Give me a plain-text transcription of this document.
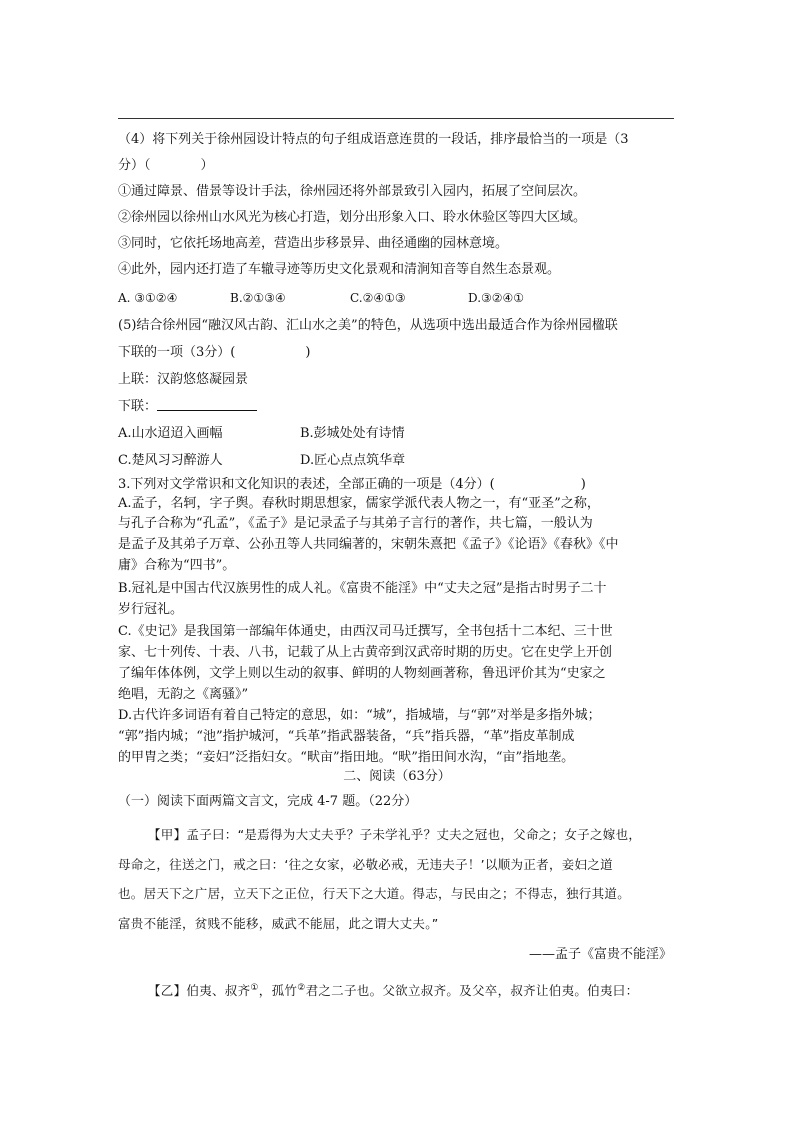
（4）将下列关于徐州园设计特点的句子组成语意连贯的一段话，排序最恰当的一项是（3
分）（	）
①通过障景、借景等设计手法，徐州园还将外部景致引入园内，拓展了空间层次。
②徐州园以徐州山水风光为核心打造，划分出形象入口、聆水休验区等四大区域。
③同时，它依托场地高差，营造出步移景异、曲径通幽的园林意境。
④此外，园内还打造了车辙寻迹等历史文化景观和清涧知音等自然生态景观。
A. ③①②④	B.②①③④	C.②④①③	D.③②④①
(5)结合徐州园“融汉风古韵、汇山水之美”的特色，从选项中选出最适合作为徐州园楹联
下联的一项（3分）(	)
上联：汉韵悠悠凝园景
下联：
A.山水迢迢入画幅	B.彭城处处有诗情
C.楚风习习醉游人	D.匠心点点筑华章
3.下列对文学常识和文化知识的表述，全部正确的一项是（4分）(	)
A.孟子，名轲，字子舆。春秋时期思想家，儒家学派代表人物之一，有“亚圣”之称，
与孔子合称为“孔孟”，《孟子》是记录孟子与其弟子言行的著作，共七篇，一般认为
是孟子及其弟子万章、公孙丑等人共同编著的，宋朝朱熹把《孟子》《论语》《春秋》《中
庸》合称为“四书”。
B.冠礼是中国古代汉族男性的成人礼。《富贵不能淫》中“丈夫之冠”是指古时男子二十
岁行冠礼。
C.《史记》是我国第一部编年体通史，由西汉司马迁撰写，全书包括十二本纪、三十世
家、七十列传、十表、八书，记载了从上古黄帝到汉武帝时期的历史。它在史学上开创
了编年体体例，文学上则以生动的叙事、鲜明的人物刻画著称，鲁迅评价其为“史家之
绝唱，无韵之《离骚》”
D.古代许多词语有着自己特定的意思，如：“城”，指城墙，与“郭”对举是多指外城；
“郭”指内城；“池”指护城河，“兵革”指武器装备，“兵”指兵器，“革”指皮革制成
的甲胄之类；“妾妇”泛指妇女。“畎亩”指田地。“畎”指田间水沟，“亩”指地垄。
二、阅读（63分）
（一）阅读下面两篇文言文，完成 4-7 题。（22分）
【甲】孟子曰：“是焉得为大丈夫乎？子未学礼乎？丈夫之冠也，父命之；女子之嫁也，
母命之，往送之门，戒之曰：‘往之女家，必敬必戒，无违夫子！’以顺为正者，妾妇之道
也。居天下之广居，立天下之正位，行天下之大道。得志，与民由之；不得志，独行其道。
富贵不能淫，贫贱不能移，威武不能屈，此之谓大丈夫。”
——孟子《富贵不能淫》
【乙】伯夷、叔齐①，孤竹②君之二子也。父欲立叔齐。及父卒，叔齐让伯夷。伯夷曰：
